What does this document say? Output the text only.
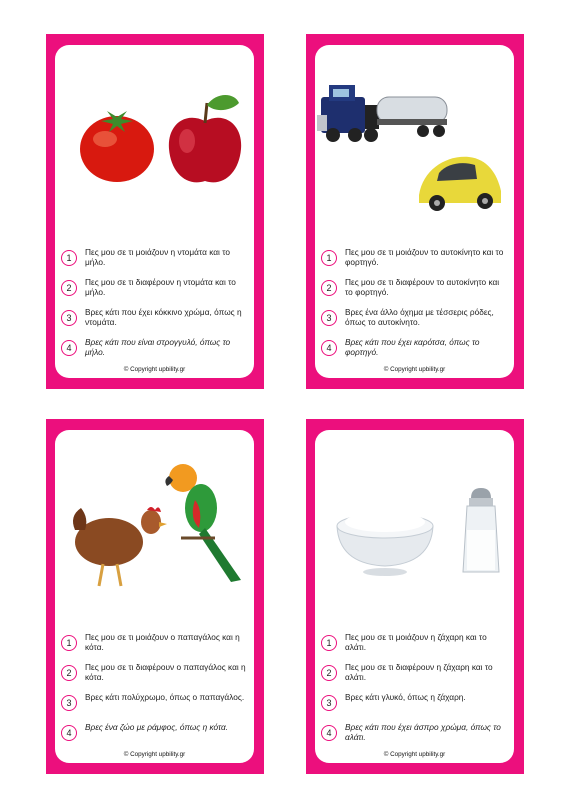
1
Πες μου σε τι μοιάζουν η ντομάτα και το μήλο.
2
Πες μου σε τι διαφέρουν η ντομάτα και το μήλο.
3
Βρες κάτι που έχει κόκκινο χρώμα, όπως η ντομάτα.
4
Βρες κάτι που είναι στρογγυλό, όπως το μήλο.
© Copyright upbility.gr
1
Πες μου σε τι μοιάζουν το αυτοκίνητο και το φορτηγό.
2
Πες μου σε τι διαφέρουν το αυτοκίνητο και το φορτηγό.
3
Βρες ένα άλλο όχημα με τέσσερις ρόδες, όπως το αυτοκίνητο.
4
Βρες κάτι που έχει καρότσα, όπως το φορτηγό.
© Copyright upbility.gr
1
Πες μου σε τι μοιάζουν ο παπαγάλος και η κότα.
2
Πες μου σε τι διαφέρουν ο παπαγάλος και η κότα.
3
Βρες κάτι πολύχρωμο, όπως ο παπαγάλος.
4
Βρες ένα ζώο με ράμφος, όπως η κότα.
© Copyright upbility.gr
1
Πες μου σε τι μοιάζουν η ζάχαρη και το αλάτι.
2
Πες μου σε τι διαφέρουν η ζάχαρη και το αλάτι.
3
Βρες κάτι γλυκό, όπως η ζάχαρη.
4
Βρες κάτι που έχει άσπρο χρώμα, όπως το αλάτι.
© Copyright upbility.gr
